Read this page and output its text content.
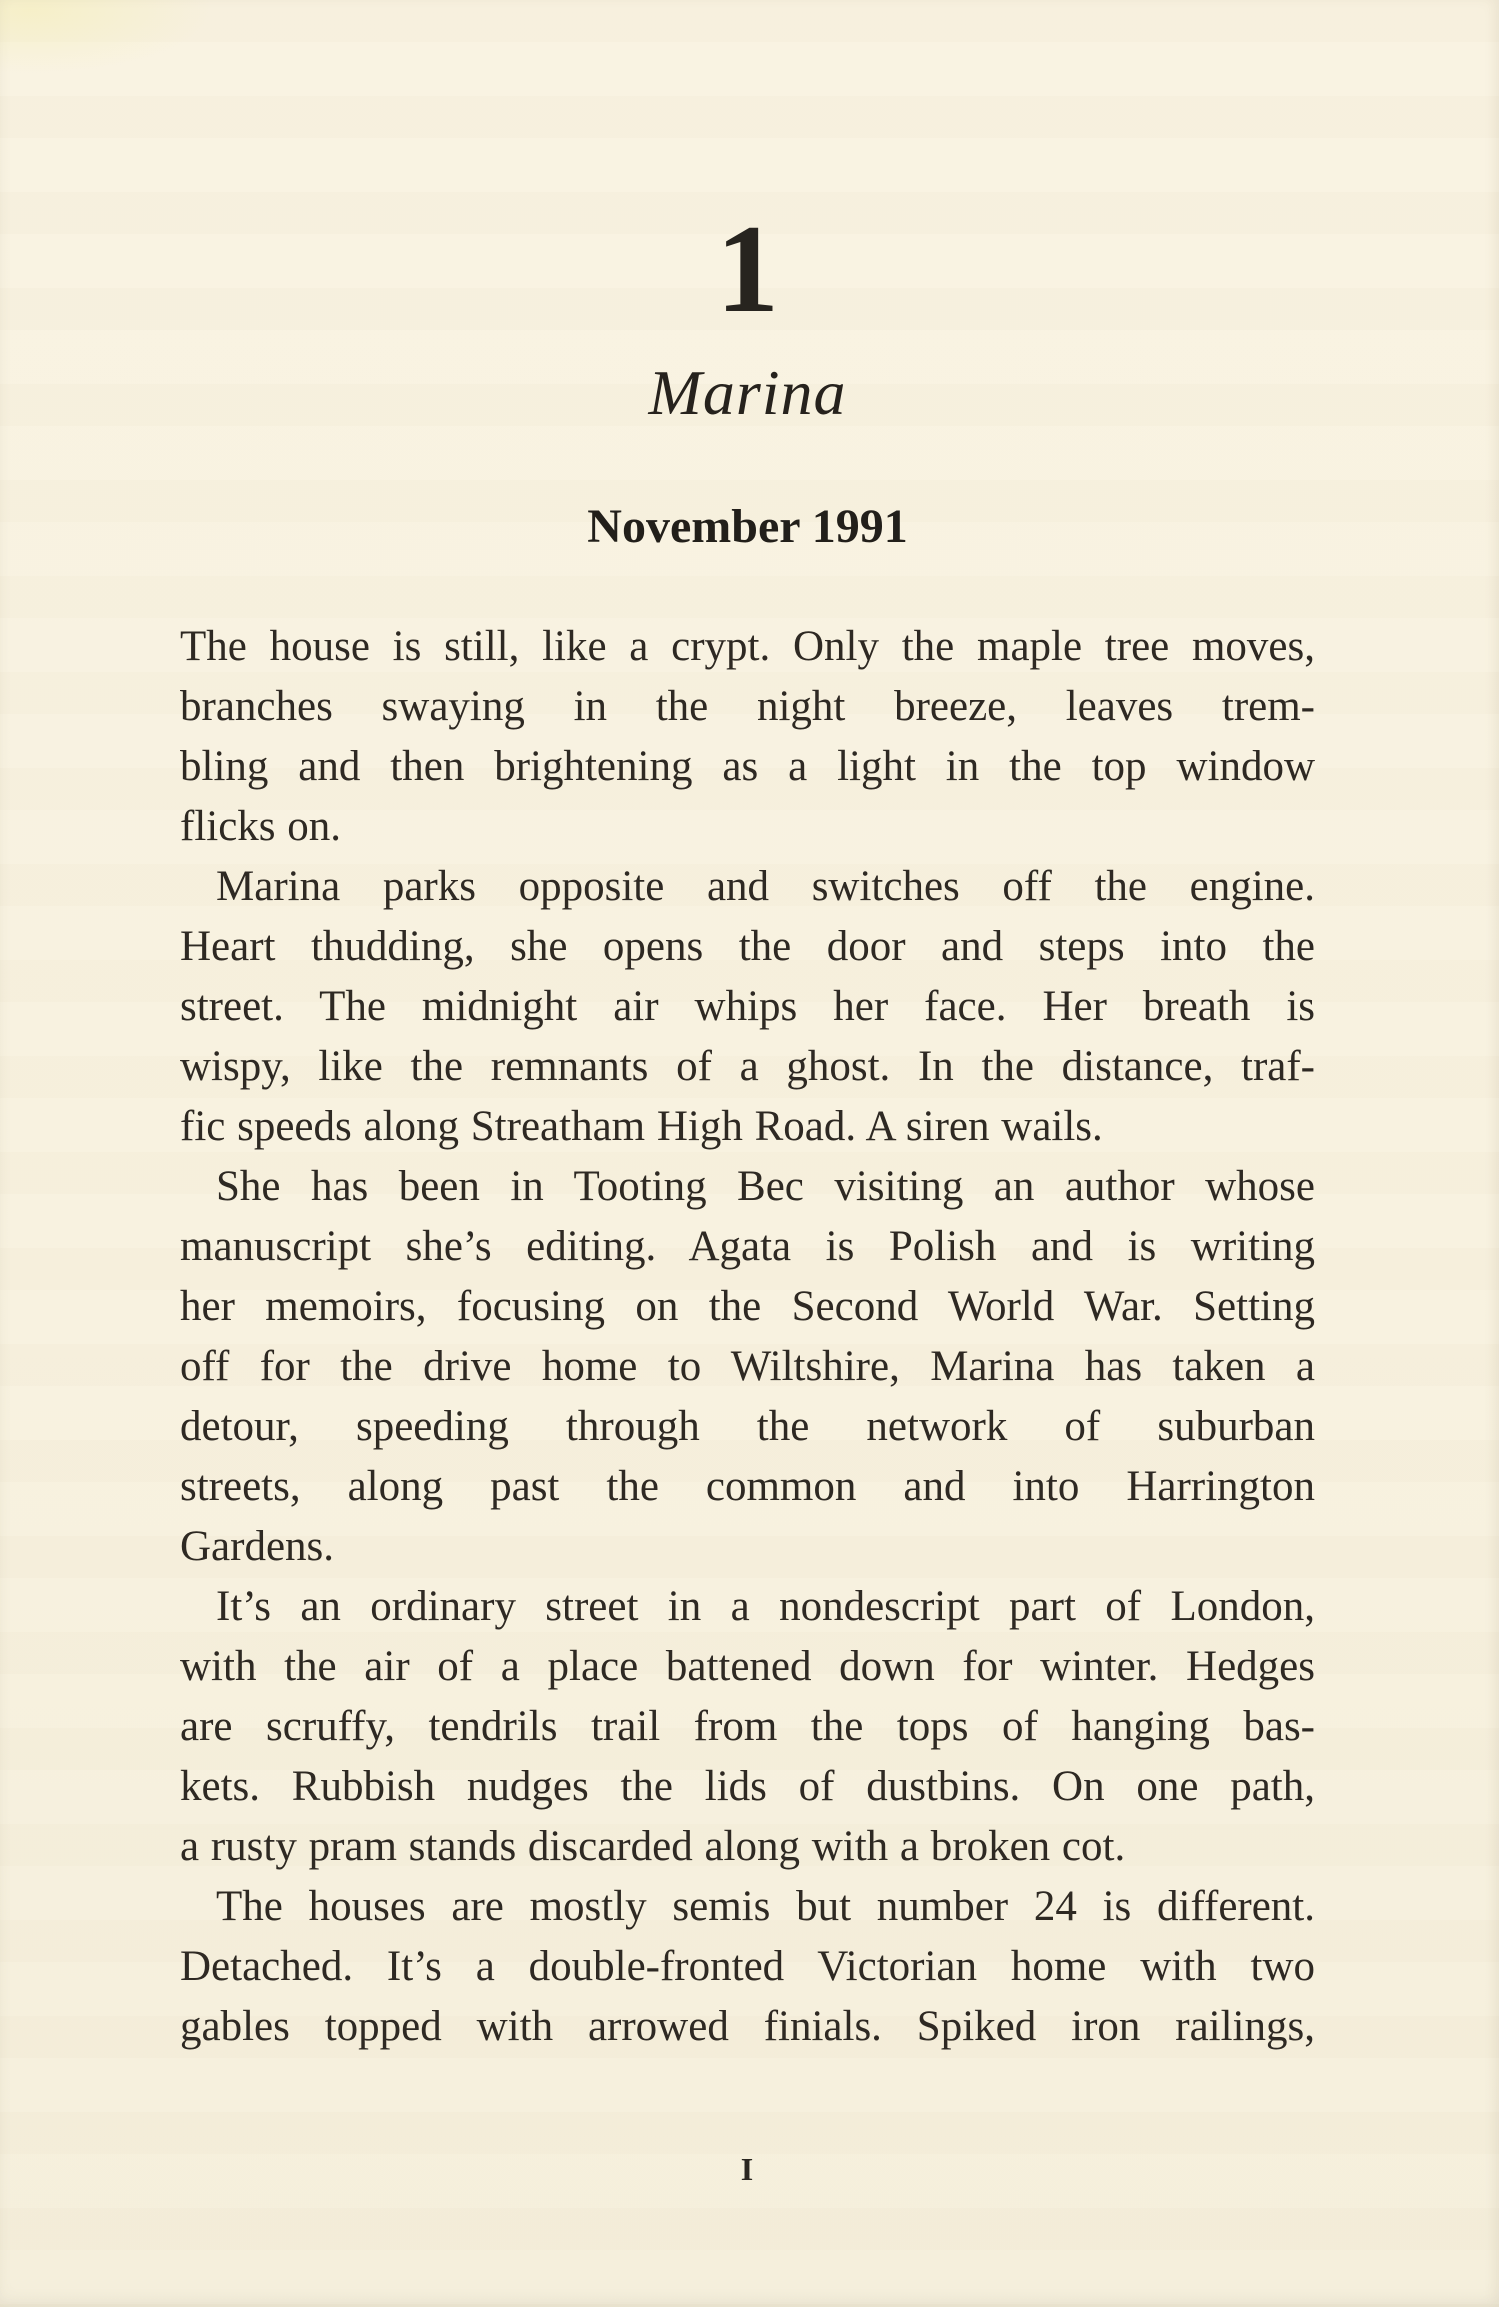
1
Marina
November 1991
The house is still, like a crypt. Only the maple tree moves,
branches swaying in the night breeze, leaves trem-
bling and then brightening as a light in the top window
flicks on.
Marina parks opposite and switches off the engine.
Heart thudding, she opens the door and steps into the
street. The midnight air whips her face. Her breath is
wispy, like the remnants of a ghost. In the distance, traf-
fic speeds along Streatham High Road. A siren wails.
She has been in Tooting Bec visiting an author whose
manuscript she’s editing. Agata is Polish and is writing
her memoirs, focusing on the Second World War. Setting
off for the drive home to Wiltshire, Marina has taken a
detour, speeding through the network of suburban
streets, along past the common and into Harrington
Gardens.
It’s an ordinary street in a nondescript part of London,
with the air of a place battened down for winter. Hedges
are scruffy, tendrils trail from the tops of hanging bas-
kets. Rubbish nudges the lids of dustbins. On one path,
a rusty pram stands discarded along with a broken cot.
The houses are mostly semis but number 24 is different.
Detached. It’s a double-fronted Victorian home with two
gables topped with arrowed finials. Spiked iron railings,
I
